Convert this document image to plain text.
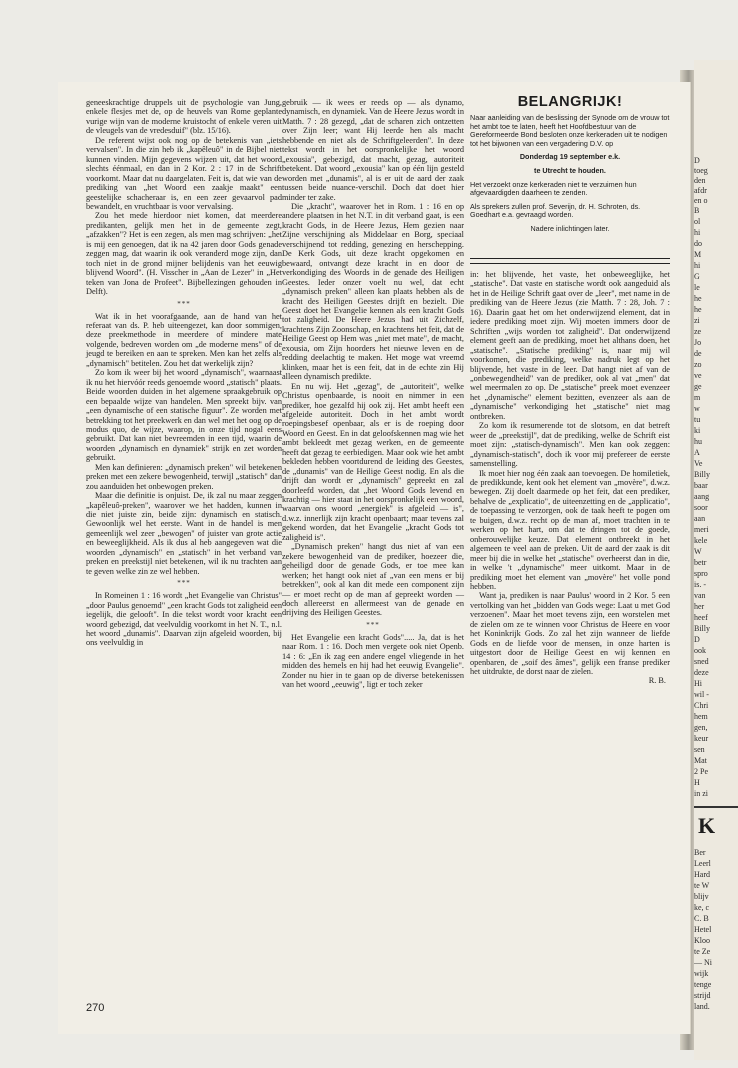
D
toeg
den
afdr
en o
B
ol
hi
do
M
hi
G
le
he
he
zi
ze
Jo
de
zo
ve
ge
m
w
tu
ki
hu
A
Ve
Billy
baar
aang
soor
aan
meri
kele
W
betr
spro
is. -
van
her
heef
Billy
D
ook
sned
deze
Hi
wil -
Chri
hem
gen,
keur
sen
Mat
2 Pe
H
in zi
K
Ber
Leerl
Hard
te W
blijv
ke, c
C. B
Hetel
Kloo
te Ze
— Ni
wijk
tenge
strijd
land.

geneeskrachtige druppels uit de psychologie van Jung, enkele flesjes met de, op de heuvels van Rome geplante vurige wijn van de moderne kruistocht of enkele veren uit de vleugels van de vredesduif" (blz. 15/16).

De referent wijst ook nog op de betekenis van „iets vervalsen". In die zin heb ik „kapêleuô" in de Bijbel niet kunnen vinden. Mijn gegevens wijzen uit, dat het woord slechts éénmaal, en dan in 2 Kor. 2 : 17 in de Schrift voorkomt. Maar dat nu daargelaten. Feit is, dat wie van de prediking van „het Woord een zaakje maakt" een geestelijke schacheraar is, en een zeer gevaarvol pad bewandelt, en vruchtbaar is voor vervalsing.

Zou het mede hierdoor niet komen, dat meerdere predikanten, gelijk men het in de gemeente zegt, „afzakken"? Het is een zegen, als men mag schrijven: „het is mij een genoegen, dat ik na 42 jaren door Gods genade zeggen mag, dat waarin ik ook veranderd moge zijn, dan toch niet in de grond mijner belijdenis van het eeuwig blijvend Woord". (H. Visscher in „Aan de Lezer" in „Het teken van Jona de Profeet". Bijbellezingen gehouden in Delft).

***

Wat ik in het voorafgaande, aan de hand van het referaat van ds. P. heb uiteengezet, kan door sommigen, deze preekmethode in meerdere of mindere mate volgende, bedreven worden om „de moderne mens" of de jeugd te bereiken en aan te spreken. Men kan het zelfs als „dynamisch" betitelen. Zou het dat werkelijk zijn?

Zo kom ik weer bij het woord „dynamisch", waarnaast ik nu het hiervóór reeds genoemde woord „statisch" plaats. Beide woorden duiden in het algemene spraakgebruik op een bepaalde wijze van handelen. Men spreekt bijv. van „een dynamische of een statische figuur". Ze worden met betrekking tot het preekwerk en dan wel met het oog op de modus quo, de wijze, waarop, in onze tijd nogal eens gebruikt. Dat kan niet bevreemden in een tijd, waarin de woorden „dynamisch en dynamiek" strijk en zet worden gebruikt.

Men kan definieren: „dynamisch preken" wil betekenen preken met een zekere bewogenheid, terwijl „statisch" dan zou aanduiden het onbewogen preken.

Maar die definitie is onjuist. De, ik zal nu maar zeggen „kapêleuô-preken", waarover we het hadden, kunnen in die niet juiste zin, beide zijn: dynamisch en statisch. Gewoonlijk wel het eerste. Want in de handel is men gemeenlijk wel zeer „bewogen" of juister van grote actie en beweeglijkheid. Als ik dus al heb aangegeven wat die woorden „dynamisch" en „statisch" in het verband van preken en preekstijl niet betekenen, wil ik nu trachten aan te geven welke zin ze wel hebben.

***

In Romeinen 1 : 16 wordt „het Evangelie van Christus" „door Paulus genoemd" „een kracht Gods tot zaligheid een iegelijk, die gelooft". In die tekst wordt voor kracht een woord gebezigd, dat veelvuldig voorkomt in het N. T., n.l. het woord „dunamis". Daarvan zijn afgeleid woorden, bij ons veelvuldig in

gebruik — ik wees er reeds op — als dynamo, dynamisch, en dynamiek. Van de Heere Jezus wordt in Matth. 7 : 28 gezegd, „dat de scharen zich ontzetten over Zijn leer; want Hij leerde hen als macht hebbende en niet als de Schriftgeleerden". In deze tekst wordt in het oorspronkelijke het woord „exousia", gebezigd, dat macht, gezag, autoriteit betekent. Dat woord „exousia" kan op één lijn gesteld worden met „dunamis", al is er uit de aard der zaak tussen beide nuance-verschil. Doch dat doet hier minder ter zake.

Die „kracht", waarover het in Rom. 1 : 16 en op andere plaatsen in het N.T. in dit verband gaat, is een kracht Gods, in de Heere Jezus, Hem gezien naar Zijne verschijning als Middelaar en Borg, speciaal verschijnend tot redding, genezing en herschepping. De Kerk Gods, uit deze kracht opgekomen en bewaard, ontvangt deze kracht in en door de verkondiging des Woords in de genade des Heiligen Geestes. Ieder onzer voelt nu wel, dat echt „dynamisch preken" alleen kan plaats hebben als de kracht des Heiligen Geestes drijft en bezielt. Die Geest doet het Evangelie kennen als een kracht Gods tot zaligheid. De Heere Jezus had uit Zichzelf, krachtens Zijn Zoonschap, en krachtens het feit, dat de Heilige Geest op Hem was „niet met mate", de macht, exousia, om Zijn hoorders het nieuwe leven en de redding deelachtig te maken. Het moge wat vreemd klinken, maar het is een feit, dat in de echte zin Hij alleen dynamisch predikte.

En nu wij. Het „gezag", de „autoriteit", welke Christus openbaarde, is nooit en nimmer in een prediker, hoe gezalfd hij ook zij. Het ambt heeft een afgeleide autoriteit. Doch in het ambt wordt roepingsbesef openbaar, als er is de roeping door Woord en Geest. En in dat geloofskennen mag wie het ambt bekleedt met gezag werken, en de gemeente heeft dat gezag te eerbiedigen. Maar ook wie het ambt bekleden hebben voortdurend de leiding des Geestes, de „dunamis" van de Heilige Geest nodig. En als die drijft dan wordt er „dynamisch" gepreekt en zal doorleefd worden, dat „het Woord Gods levend en krachtig — hier staat in het oorspronkelijk een woord, waarvan ons woord „energiek" is afgeleid — is", d.w.z. innerlijk zijn kracht openbaart; maar tevens zal gekend worden, dat het Evangelie „kracht Gods tot zaligheid is".

„Dynamisch preken" hangt dus niet af van een zekere bewogenheid van de prediker, hoezeer die, geheiligd door de genade Gods, er toe mee kan werken; het hangt ook niet af „van een mens er bij betrekken", ook al kan dit mede een component zijn — er moet recht op de man af gepreekt worden — doch allereerst en allermeest van de genade en drijving des Heiligen Geestes.

***

Het Evangelie een kracht Gods"..... Ja, dat is het naar Rom. 1 : 16. Doch men vergete ook niet Openb. 14 : 6: „En ik zag een andere engel vliegende in het midden des hemels en hij had het eeuwig Evangelie". Zonder nu hier in te gaan op de diverse betekenissen van het woord „eeuwig", ligt er toch zeker

BELANGRIJK!

Naar aanleiding van de beslissing der Synode om de vrouw tot het ambt toe te laten, heeft het Hoofdbestuur van de Gereformeerde Bond besloten onze kerkeraden uit te nodigen tot het bijwonen van een vergadering D.V. op

Donderdag 19 september e.k.

te Utrecht te houden.

Het verzoekt onze kerkeraden niet te verzuimen hun afgevaardigden daarheen te zenden.

Als sprekers zullen prof. Severijn, dr. H. Schroten, ds. Goedhart e.a. gevraagd worden.

Nadere inlichtingen later.

in: het blijvende, het vaste, het onbeweeglijke, het „statische". Dat vaste en statische wordt ook aangeduid als het in de Heilige Schrift gaat over de „leer", met name in de prediking van de Heere Jezus (zie Matth. 7 : 28, Joh. 7 : 16). Daarin gaat het om het onderwijzend element, dat in iedere prediking moet zijn. Wij moeten immers door de Schriften „wijs worden tot zaligheid". Dat onderwijzend element geeft aan de prediking, moet het althans doen, het „statische". „Statische prediking" is, naar mij wil voorkomen, die prediking, welke nadruk legt op het blijvende, het vaste in de leer. Dat hangt niet af van de „onbewegendheid" van de prediker, ook al vat „men" dat wel meermalen zo op. De „statische" preek moet evenzeer het „dynamische" element bezitten, evenzeer als aan de „dynamische" verkondiging het „statische" niet mag ontbreken.

Zo kom ik resumerende tot de slotsom, en dat betreft weer de „preekstijl", dat de prediking, welke de Schrift eist moet zijn: „statisch-dynamisch". Men kan ook zeggen: „dynamisch-statisch", doch ik voor mij prefereer de eerste samenstelling.

Ik moet hier nog één zaak aan toevoegen. De homiletiek, de predikkunde, kent ook het element van „movère", d.w.z. bewegen. Zij doelt daarmede op het feit, dat een prediker, behalve de „explicatio", de uiteenzetting en de „applicatio", de toepassing te verzorgen, ook de taak heeft te pogen om te buigen, d.w.z. recht op de man af, moet trachten in te werken op het hart, om dat te dringen tot de goede, onberouwelijke keuze. Dat element ontbreekt in het algemeen te veel aan de preken. Uit de aard der zaak is dit meer bij die in welke het „statische" overheerst dan in die, in welke 't „dynamische" meer uitkomt. Maar in de prediking moet het element van „movère" het volle pond hebben.

Want ja, prediken is naar Paulus' woord in 2 Kor. 5 een vertolking van het „bidden van Gods wege: Laat u met God verzoenen". Maar het moet tevens zijn, een worstelen met de zielen om ze te winnen voor Christus de Heere en voor het Koninkrijk Gods. Zo zal het zijn wanneer de liefde Gods en de liefde voor de mensen, in onze harten is uitgestort door de Heilige Geest en wij kennen en openbaren, de „soif des âmes", gelijk een franse prediker het uitdrukte, de dorst naar de zielen.

R. B.

270
